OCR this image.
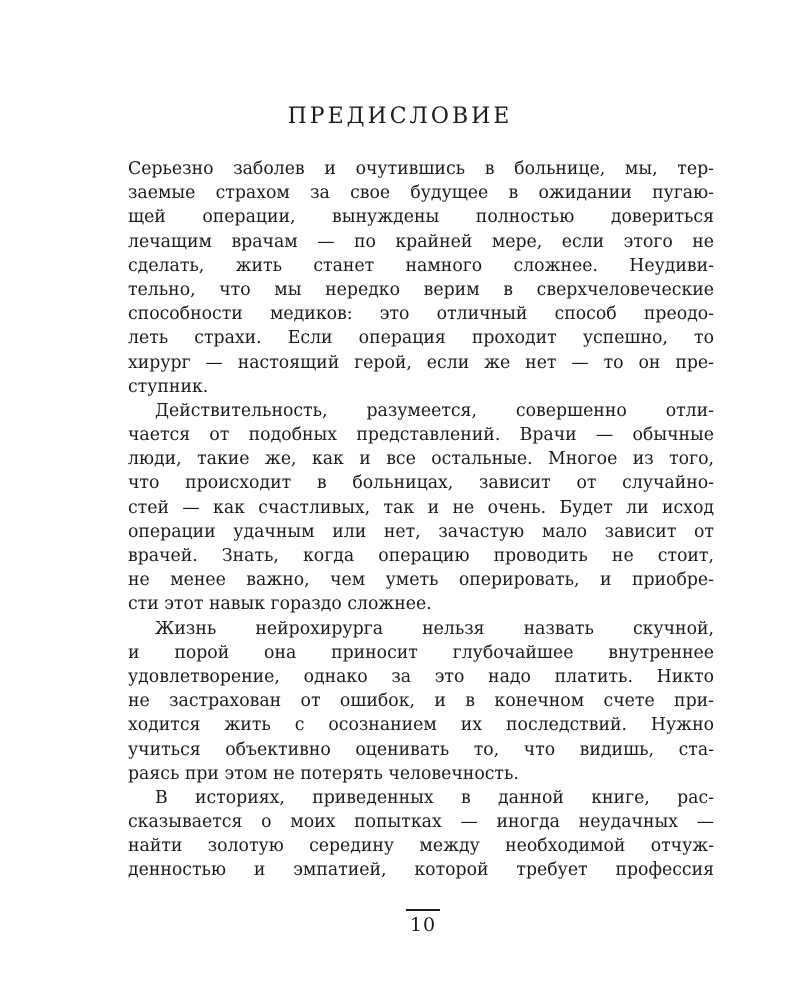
ПРЕДИСЛОВИЕ

Серьезно заболев и очутившись в больнице, мы, тер-
заемые страхом за свое будущее в ожидании пугаю-
щей операции, вынуждены полностью довериться
лечащим врачам — по крайней мере, если этого не
сделать, жить станет намного сложнее. Неудиви-
тельно, что мы нередко верим в сверхчеловеческие
способности медиков: это отличный способ преодо-
леть страхи. Если операция проходит успешно, то
хирург — настоящий герой, если же нет — то он пре-
ступник.

Действительность, разумеется, совершенно отли-
чается от подобных представлений. Врачи — обычные
люди, такие же, как и все остальные. Многое из того,
что происходит в больницах, зависит от случайно-
стей — как счастливых, так и не очень. Будет ли исход
операции удачным или нет, зачастую мало зависит от
врачей. Знать, когда операцию проводить не стоит,
не менее важно, чем уметь оперировать, и приобре-
сти этот навык гораздо сложнее.

Жизнь нейрохирурга нельзя назвать скучной,
и порой она приносит глубочайшее внутреннее
удовлетворение, однако за это надо платить. Никто
не застрахован от ошибок, и в конечном счете при-
ходится жить с осознанием их последствий. Нужно
учиться объективно оценивать то, что видишь, ста-
раясь при этом не потерять человечность.

В историях, приведенных в данной книге, рас-
сказывается о моих попытках — иногда неудачных —
найти золотую середину между необходимой отчуж-
денностью и эмпатией, которой требует профессия

10
